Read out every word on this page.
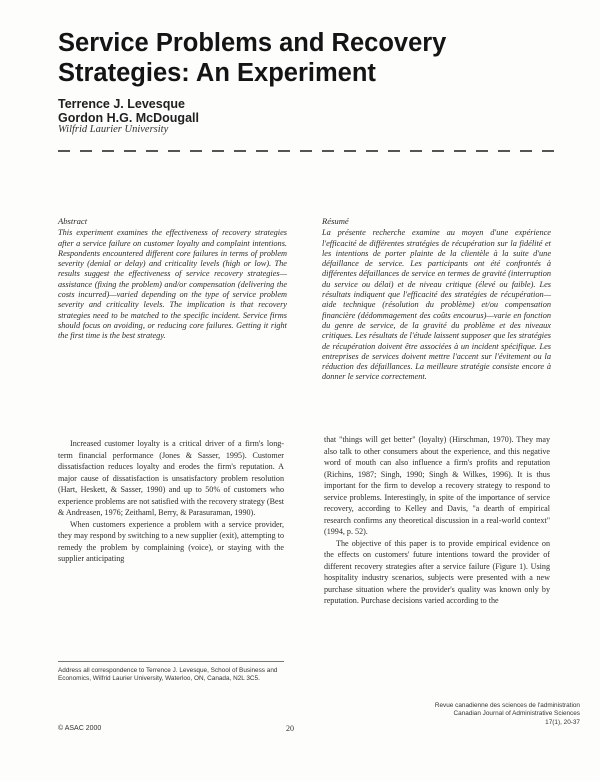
Service Problems and Recovery Strategies: An Experiment
Terrence J. Levesque
Gordon H.G. McDougall
Wilfrid Laurier University
Abstract
This experiment examines the effectiveness of recovery strategies after a service failure on customer loyalty and complaint intentions. Respondents encountered different core failures in terms of problem severity (denial or delay) and criticality levels (high or low). The results suggest the effectiveness of service recovery strategies—assistance (fixing the problem) and/or compensation (delivering the costs incurred)—varied depending on the type of service problem severity and criticality levels. The implication is that recovery strategies need to be matched to the specific incident. Service firms should focus on avoiding, or reducing core failures. Getting it right the first time is the best strategy.
Résumé
La présente recherche examine au moyen d'une expérience l'efficacité de différentes stratégies de récupération sur la fidélité et les intentions de porter plainte de la clientèle à la suite d'une défaillance de service. Les participants ont été confrontés à différentes défaillances de service en termes de gravité (interruption du service ou délai) et de niveau critique (élevé ou faible). Les résultats indiquent que l'efficacité des stratégies de récupération—aide technique (résolution du problème) et/ou compensation financière (dédommagement des coûts encourus)—varie en fonction du genre de service, de la gravité du problème et des niveaux critiques. Les résultats de l'étude laissent supposer que les stratégies de récupération doivent être associées à un incident spécifique. Les entreprises de services doivent mettre l'accent sur l'évitement ou la réduction des défaillances. La meilleure stratégie consiste encore à donner le service correctement.

Increased customer loyalty is a critical driver of a firm's long-term financial performance (Jones & Sasser, 1995). Customer dissatisfaction reduces loyalty and erodes the firm's reputation. A major cause of dissatisfaction is unsatisfactory problem resolution (Hart, Heskett, & Sasser, 1990) and up to 50% of customers who experience problems are not satisfied with the recovery strategy (Best & Andreasen, 1976; Zeithaml, Berry, & Parasuraman, 1990).

When customers experience a problem with a service provider, they may respond by switching to a new supplier (exit), attempting to remedy the problem by complaining (voice), or staying with the supplier anticipating

that "things will get better" (loyalty) (Hirschman, 1970). They may also talk to other consumers about the experience, and this negative word of mouth can also influence a firm's profits and reputation (Richins, 1987; Singh, 1990; Singh & Wilkes, 1996). It is thus important for the firm to develop a recovery strategy to respond to service problems. Interestingly, in spite of the importance of service recovery, according to Kelley and Davis, "a dearth of empirical research confirms any theoretical discussion in a real-world context" (1994, p. 52).

The objective of this paper is to provide empirical evidence on the effects on customers' future intentions toward the provider of different recovery strategies after a service failure (Figure 1). Using hospitality industry scenarios, subjects were presented with a new purchase situation where the provider's quality was known only by reputation. Purchase decisions varied according to the

Address all correspondence to Terrence J. Levesque, School of Business and Economics, Wilfrid Laurier University, Waterloo, ON, Canada, N2L 3C5.
Revue canadienne des sciences de l'administration
Canadian Journal of Administrative Sciences
17(1), 20-37
© ASAC 2000	20
